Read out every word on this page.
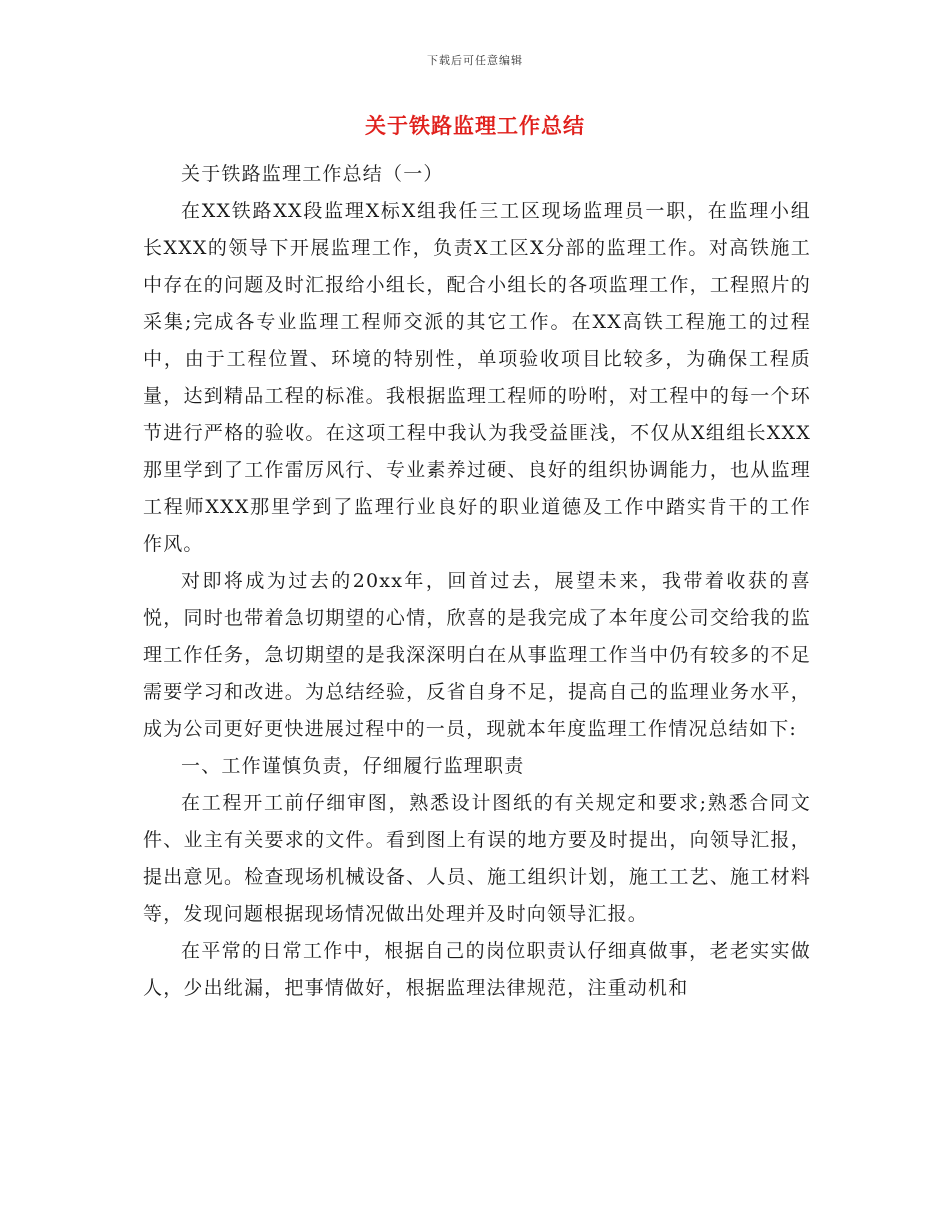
下载后可任意编辑
关于铁路监理工作总结

关于铁路监理工作总结（一）

在XX铁路XX段监理X标X组我任三工区现场监理员一职，在监理小组长XXX的领导下开展监理工作，负责X工区X分部的监理工作。对高铁施工中存在的问题及时汇报给小组长，配合小组长的各项监理工作，工程照片的采集;完成各专业监理工程师交派的其它工作。在XX高铁工程施工的过程中，由于工程位置、环境的特别性，单项验收项目比较多，为确保工程质量，达到精品工程的标准。我根据监理工程师的吩咐，对工程中的每一个环节进行严格的验收。在这项工程中我认为我受益匪浅，不仅从X组组长XXX那里学到了工作雷厉风行、专业素养过硬、良好的组织协调能力，也从监理工程师XXX那里学到了监理行业良好的职业道德及工作中踏实肯干的工作作风。

对即将成为过去的20xx年，回首过去，展望未来，我带着收获的喜悦，同时也带着急切期望的心情，欣喜的是我完成了本年度公司交给我的监理工作任务，急切期望的是我深深明白在从事监理工作当中仍有较多的不足需要学习和改进。为总结经验，反省自身不足，提高自己的监理业务水平，成为公司更好更快进展过程中的一员，现就本年度监理工作情况总结如下:

一、工作谨慎负责，仔细履行监理职责

在工程开工前仔细审图，熟悉设计图纸的有关规定和要求;熟悉合同文件、业主有关要求的文件。看到图上有误的地方要及时提出，向领导汇报，提出意见。检查现场机械设备、人员、施工组织计划，施工工艺、施工材料等，发现问题根据现场情况做出处理并及时向领导汇报。

在平常的日常工作中，根据自己的岗位职责认仔细真做事，老老实实做人，少出纰漏，把事情做好，根据监理法律规范，注重动机和
